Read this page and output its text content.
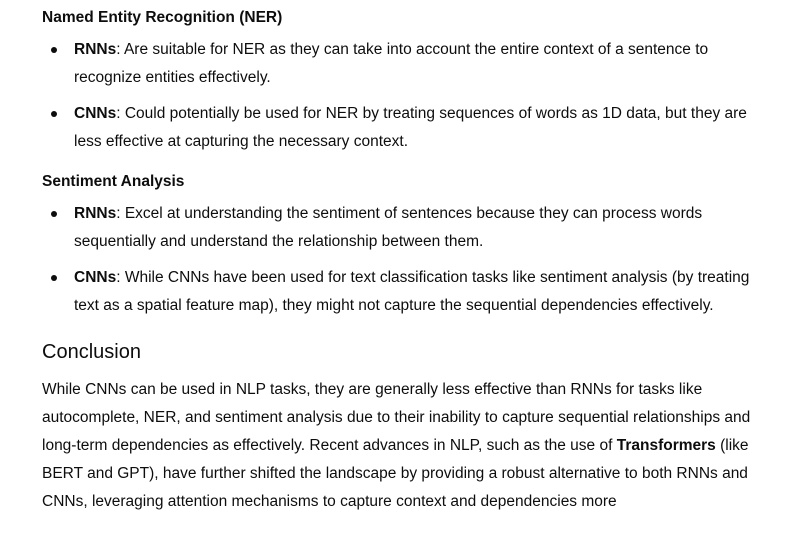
Named Entity Recognition (NER)
RNNs: Are suitable for NER as they can take into account the entire context of a sentence to recognize entities effectively.
CNNs: Could potentially be used for NER by treating sequences of words as 1D data, but they are less effective at capturing the necessary context.
Sentiment Analysis
RNNs: Excel at understanding the sentiment of sentences because they can process words sequentially and understand the relationship between them.
CNNs: While CNNs have been used for text classification tasks like sentiment analysis (by treating text as a spatial feature map), they might not capture the sequential dependencies effectively.
Conclusion

While CNNs can be used in NLP tasks, they are generally less effective than RNNs for tasks like autocomplete, NER, and sentiment analysis due to their inability to capture sequential relationships and long-term dependencies as effectively. Recent advances in NLP, such as the use of Transformers (like BERT and GPT), have further shifted the landscape by providing a robust alternative to both RNNs and CNNs, leveraging attention mechanisms to capture context and dependencies more
